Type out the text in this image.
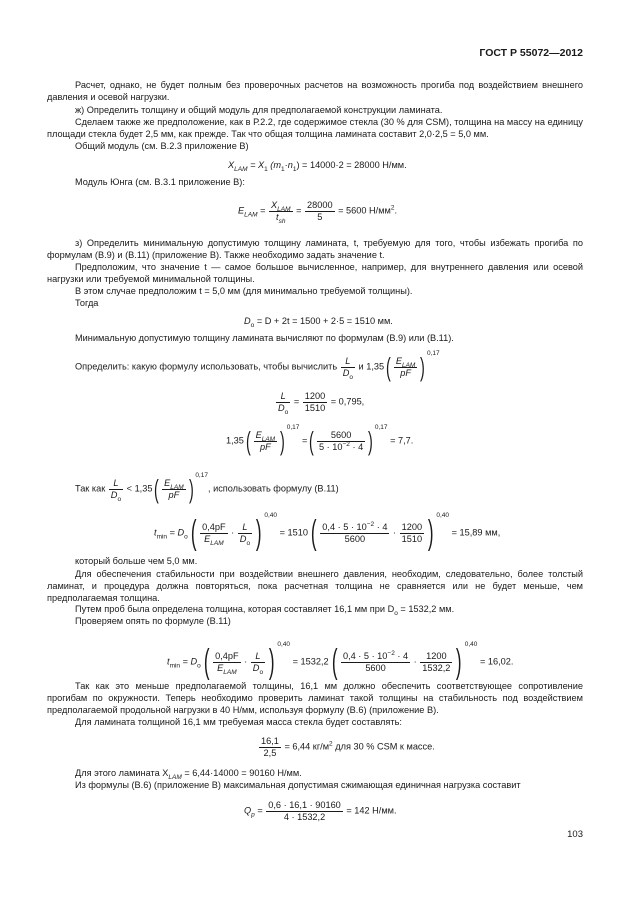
ГОСТ Р 55072—2012
Расчет, однако, не будет полным без проверочных расчетов на возможность прогиба под воздействием внешнего давления и осевой нагрузки.
ж) Определить толщину и общий модуль для предполагаемой конструкции ламината.
Сделаем также же предположение, как в Р.2.2, где содержимое стекла (30 % для CSM), толщина на массу на единицу площади стекла будет 2,5 мм, как прежде. Так что общая толщина ламината составит 2,0·2,5 = 5,0 мм.
Общий модуль (см. В.2.3 приложение В)
$X_{LAM} = X_1$ $(m_1\cdot n_1) = 14000\cdot 2 = 28000$ Н/мм.
Модуль Юнга (см. В.3.1 приложение В):
$E_{LAM} = \frac{X_{LAM}}{t_{sh}} = \frac{28000}{5} = 5600$ $Н/мм^2$.
з) Определить минимальную допустимую толщину ламината, t, требуемую для того, чтобы избежать прогиба по формулам (В.9) и (В.11) (приложение В). Также необходимо задать значение t.
Предположим, что значение t — самое большое вычисленное, например, для внутреннего давления или осевой нагрузки или требуемой минимальной толщины.
В этом случае предположим t = 5,0 мм (для минимально требуемой толщины).
Тогда
$D_o = D + 2t = 1500 + 2\cdot 5 = 1510$ мм.
Минимальную допустимую толщину ламината вычисляют по формулам (В.9) или (В.11).
Определить: какую формулу использовать, чтобы вычислить $\frac{L}{D_o}$ и $1,35( \frac{E_{LAM}}{pF}$ ) $^{0,17}$
$\frac{L}{D_o} = \frac{1200}{1510} = 0,795$,
$1,35( \frac{E_{LAM}}{pF}$ ) $^{0,17}$ =( $\frac{5600}{5 \cdot 10^{-2} \cdot 4}$ ) $^{0,17}$ = 7,7.
Так как $\frac{L}{D_o} < 1,35( \frac{E_{LAM}}{pF}$ ) $^{0,17}$, использовать формулу (В.11)
$t_{min} = D_o( \frac{0,4pF}{E_{LAM}} \cdot \frac{L}{D_o}$ ) $^{0,40} = 1510( \frac{0,4 \cdot 5 \cdot 10^{-2} \cdot 4}{5600} \cdot \frac{1200}{1510}$ ) $^{0,40}$ = 15,89 мм,
который больше чем 5,0 мм.
Для обеспечения стабильности при воздействии внешнего давления, необходим, следовательно, более толстый ламинат, и процедура должна повторяться, пока расчетная толщина не сравняется или не будет меньше, чем предполагаемая толщина.
Путем проб была определена толщина, которая составляет 16,1 мм при $D_o = 1532,2$ мм.
Проверяем опять по формуле (В.11)
$t_{min} = D_o( \frac{0,4pF}{E_{LAM}} \cdot \frac{L}{D_o}$ ) $^{0,40} = 1532,2( \frac{0,4 \cdot 5 \cdot 10^{-2} \cdot 4}{5600} \cdot \frac{1200}{1532,2}$ ) $^{0,40}$ = 16,02.
Так как это меньше предполагаемой толщины, 16,1 мм должно обеспечить соответствующее сопротивление прогибам по окружности. Теперь необходимо проверить ламинат такой толщины на стабильность под воздействием предполагаемой продольной нагрузки в 40 Н/мм, используя формулу (В.6) (приложение В).
Для ламината толщиной 16,1 мм требуемая масса стекла будет составлять:
$\frac{16,1}{2,5} = 6,44$ $кг/м^2$ для 30 % CSM к массе.
Для этого ламината $X_{LAM} = 6,44\cdot 14000 = 90160$ Н/мм.
Из формулы (В.6) (приложение В) максимальная допустимая сжимающая единичная нагрузка составит
$Q_p = \frac{0,6 \cdot 16,1 \cdot 90160}{4 \cdot 1532,2} = 142$ Н/мм.
103
